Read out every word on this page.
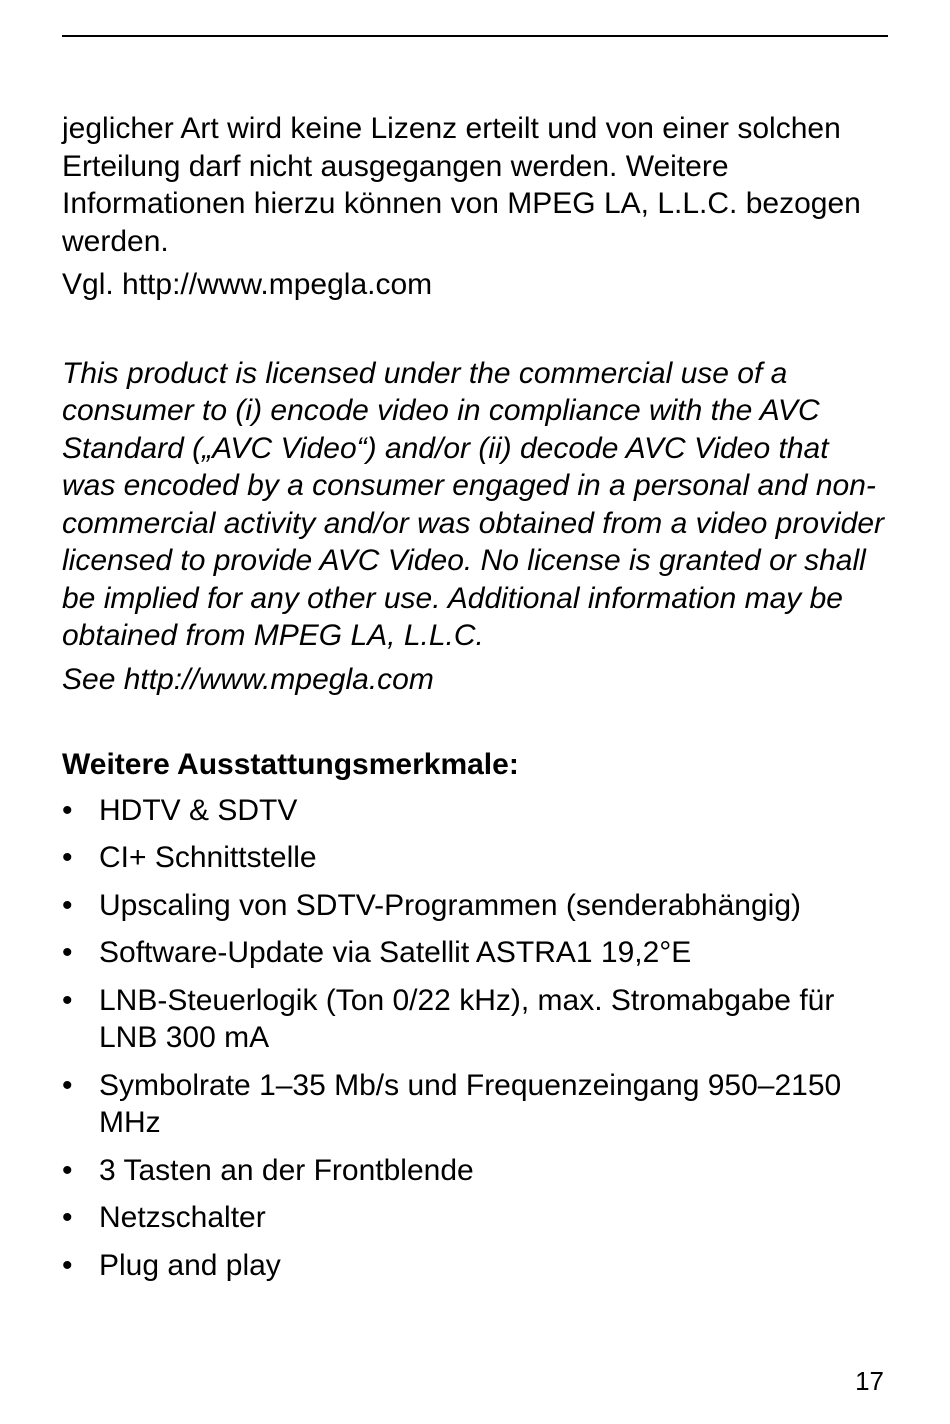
jeglicher Art wird keine Lizenz erteilt und von einer solchen Erteilung darf nicht ausgegangen werden. Weitere Informationen hierzu können von MPEG LA, L.L.C. bezogen werden.

Vgl. http://www.mpegla.com

This product is licensed under the commercial use of a consumer to (i) encode video in compliance with the AVC Standard („AVC Video“) and/or (ii) decode AVC Video that was encoded by a consumer engaged in a personal and non-commercial activity and/or was obtained from a video provider licensed to provide AVC Video. No license is granted or shall be implied for any other use. Additional information may be obtained from MPEG LA, L.L.C.

See http://www.mpegla.com

Weitere Ausstattungsmerkmale:

• HDTV & SDTV
• CI+ Schnittstelle
• Upscaling von SDTV-Programmen (senderabhängig)
• Software-Update via Satellit ASTRA1 19,2°E
• LNB-Steuerlogik (Ton 0/22 kHz), max. Stromabgabe für LNB 300 mA
• Symbolrate 1–35 Mb/s und Frequenzeingang 950–2150 MHz
• 3 Tasten an der Frontblende
• Netzschalter
• Plug and play
17
